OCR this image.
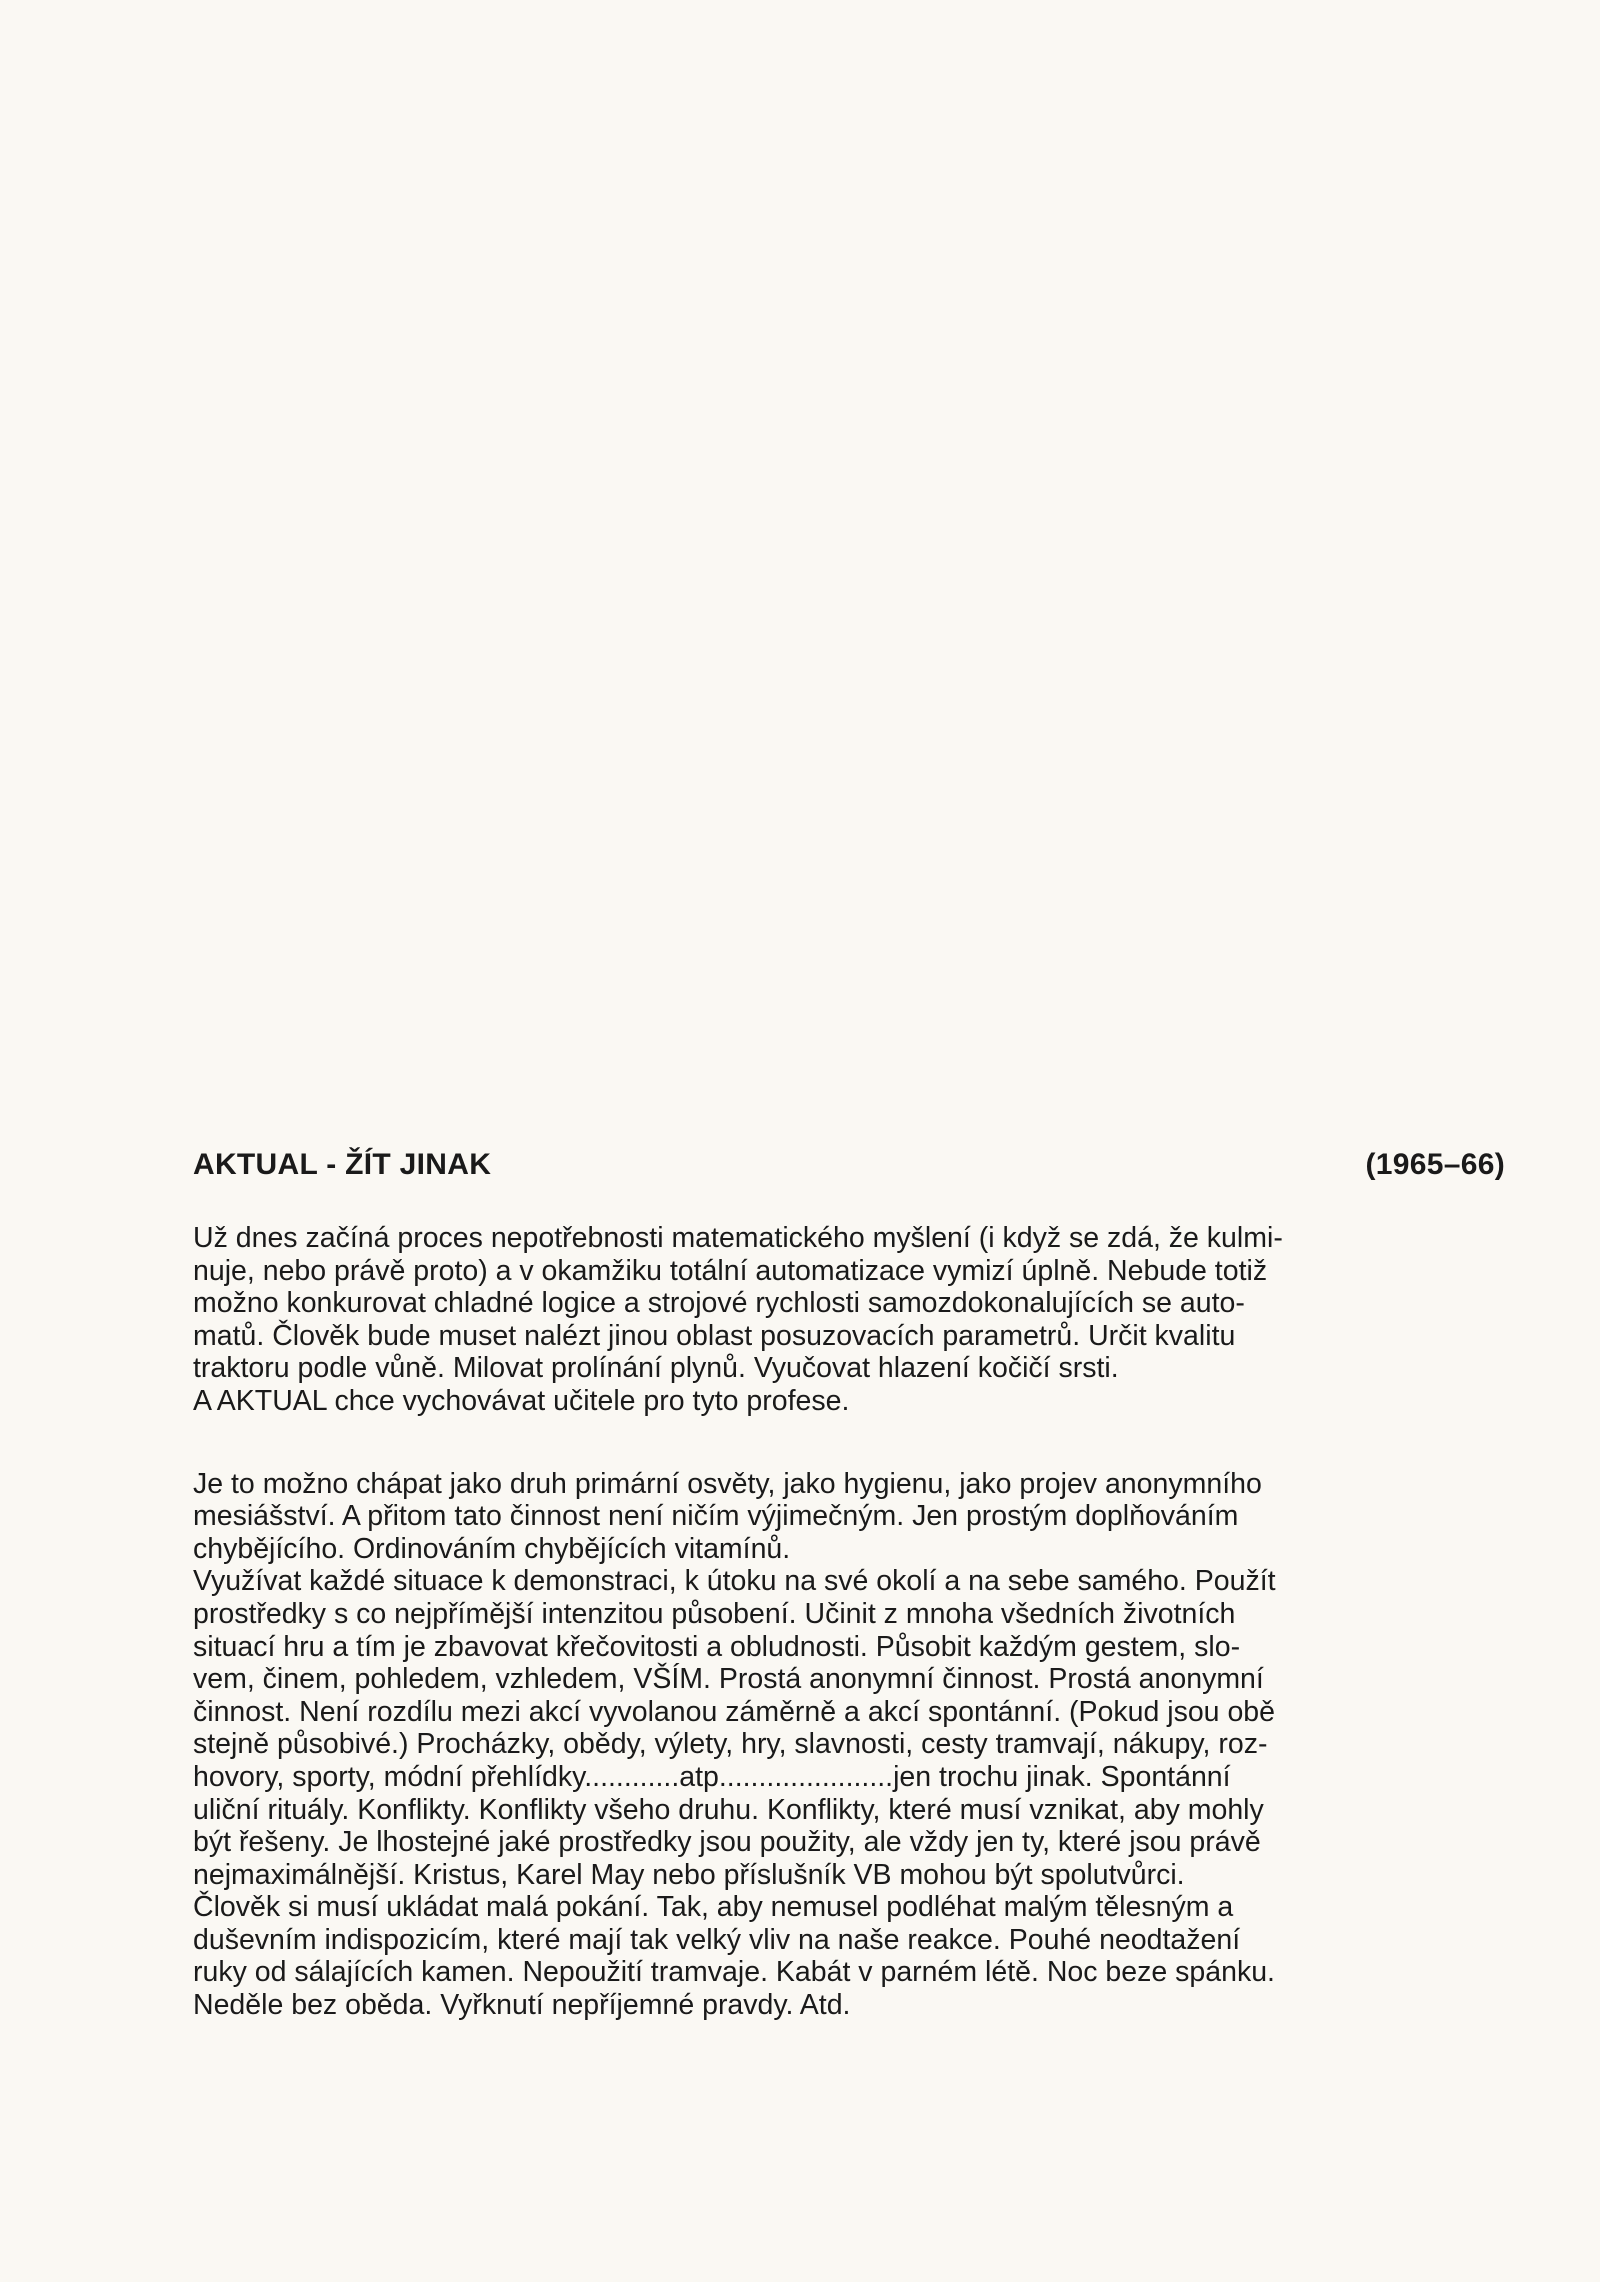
AKTUAL - ŽÍT JINAK	(1965–66)

Už dnes začíná proces nepotřebnosti matematického myšlení (i když se zdá, že kulmi-
nuje, nebo právě proto) a v okamžiku totální automatizace vymizí úplně. Nebude totiž
možno konkurovat chladné logice a strojové rychlosti samozdokonalujících se auto-
matů. Člověk bude muset nalézt jinou oblast posuzovacích parametrů. Určit kvalitu
traktoru podle vůně. Milovat prolínání plynů. Vyučovat hlazení kočičí srsti.
A AKTUAL chce vychovávat učitele pro tyto profese.

Je to možno chápat jako druh primární osvěty, jako hygienu, jako projev anonymního
mesiášství. A přitom tato činnost není ničím výjimečným. Jen prostým doplňováním
chybějícího. Ordinováním chybějících vitamínů.
Využívat každé situace k demonstraci, k útoku na své okolí a na sebe samého. Použít
prostředky s co nejpřímější intenzitou působení. Učinit z mnoha všedních životních
situací hru a tím je zbavovat křečovitosti a obludnosti. Působit každým gestem, slo-
vem, činem, pohledem, vzhledem, VŠÍM. Prostá anonymní činnost. Prostá anonymní
činnost. Není rozdílu mezi akcí vyvolanou záměrně a akcí spontánní. (Pokud jsou obě
stejně působivé.) Procházky, obědy, výlety, hry, slavnosti, cesty tramvají, nákupy, roz-
hovory, sporty, módní přehlídky............atp......................jen trochu jinak. Spontánní
uliční rituály. Konflikty. Konflikty všeho druhu. Konflikty, které musí vznikat, aby mohly
být řešeny. Je lhostejné jaké prostředky jsou použity, ale vždy jen ty, které jsou právě
nejmaximálnější. Kristus, Karel May nebo příslušník VB mohou být spolutvůrci.
Člověk si musí ukládat malá pokání. Tak, aby nemusel podléhat malým tělesným a
duševním indispozicím, které mají tak velký vliv na naše reakce. Pouhé neodtažení
ruky od sálajících kamen. Nepoužití tramvaje. Kabát v parném létě. Noc beze spánku.
Neděle bez oběda. Vyřknutí nepříjemné pravdy. Atd.
